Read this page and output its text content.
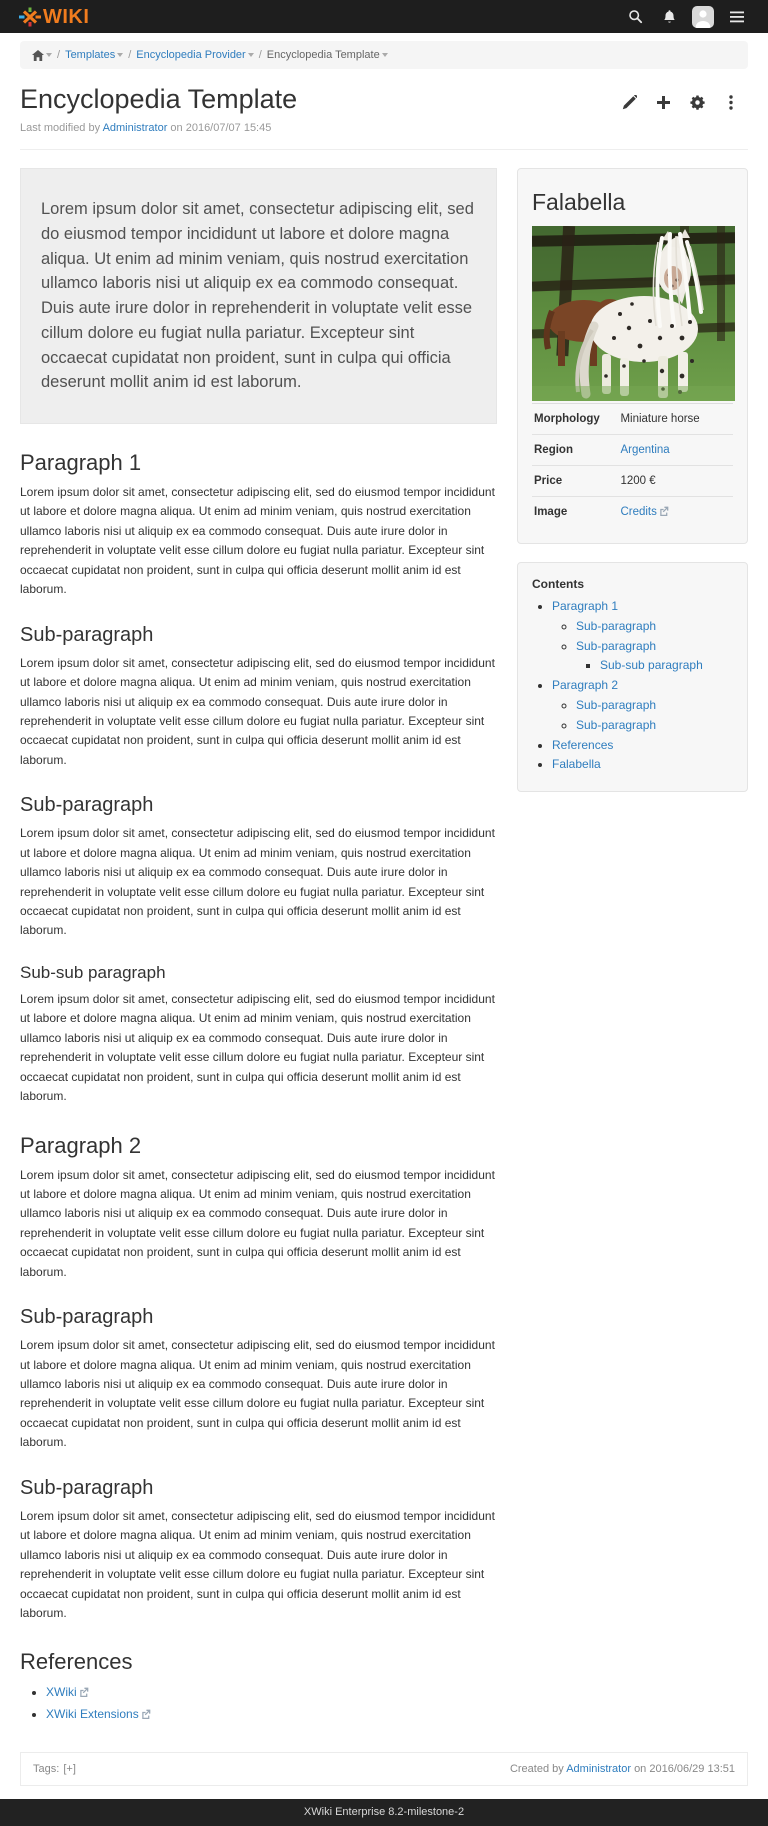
WIKI
/ Templates	/ Encyclopedia Provider	/ Encyclopedia Template
Encyclopedia Template
Last modified by Administrator on 2016/07/07 15:45
Lorem ipsum dolor sit amet, consectetur adipiscing elit, sed do eiusmod tempor incididunt ut labore et dolore magna aliqua. Ut enim ad minim veniam, quis nostrud exercitation ullamco laboris nisi ut aliquip ex ea commodo consequat. Duis aute irure dolor in reprehenderit in voluptate velit esse cillum dolore eu fugiat nulla pariatur. Excepteur sint occaecat cupidatat non proident, sunt in culpa qui officia deserunt mollit anim id est laborum.
Paragraph 1

Lorem ipsum dolor sit amet, consectetur adipiscing elit, sed do eiusmod tempor incididunt ut labore et dolore magna aliqua. Ut enim ad minim veniam, quis nostrud exercitation ullamco laboris nisi ut aliquip ex ea commodo consequat. Duis aute irure dolor in reprehenderit in voluptate velit esse cillum dolore eu fugiat nulla pariatur. Excepteur sint occaecat cupidatat non proident, sunt in culpa qui officia deserunt mollit anim id est laborum.

Sub-paragraph

Lorem ipsum dolor sit amet, consectetur adipiscing elit, sed do eiusmod tempor incididunt ut labore et dolore magna aliqua. Ut enim ad minim veniam, quis nostrud exercitation ullamco laboris nisi ut aliquip ex ea commodo consequat. Duis aute irure dolor in reprehenderit in voluptate velit esse cillum dolore eu fugiat nulla pariatur. Excepteur sint occaecat cupidatat non proident, sunt in culpa qui officia deserunt mollit anim id est laborum.

Sub-paragraph

Lorem ipsum dolor sit amet, consectetur adipiscing elit, sed do eiusmod tempor incididunt ut labore et dolore magna aliqua. Ut enim ad minim veniam, quis nostrud exercitation ullamco laboris nisi ut aliquip ex ea commodo consequat. Duis aute irure dolor in reprehenderit in voluptate velit esse cillum dolore eu fugiat nulla pariatur. Excepteur sint occaecat cupidatat non proident, sunt in culpa qui officia deserunt mollit anim id est laborum.

Sub-sub paragraph

Lorem ipsum dolor sit amet, consectetur adipiscing elit, sed do eiusmod tempor incididunt ut labore et dolore magna aliqua. Ut enim ad minim veniam, quis nostrud exercitation ullamco laboris nisi ut aliquip ex ea commodo consequat. Duis aute irure dolor in reprehenderit in voluptate velit esse cillum dolore eu fugiat nulla pariatur. Excepteur sint occaecat cupidatat non proident, sunt in culpa qui officia deserunt mollit anim id est laborum.

Paragraph 2

Lorem ipsum dolor sit amet, consectetur adipiscing elit, sed do eiusmod tempor incididunt ut labore et dolore magna aliqua. Ut enim ad minim veniam, quis nostrud exercitation ullamco laboris nisi ut aliquip ex ea commodo consequat. Duis aute irure dolor in reprehenderit in voluptate velit esse cillum dolore eu fugiat nulla pariatur. Excepteur sint occaecat cupidatat non proident, sunt in culpa qui officia deserunt mollit anim id est laborum.

Sub-paragraph

Lorem ipsum dolor sit amet, consectetur adipiscing elit, sed do eiusmod tempor incididunt ut labore et dolore magna aliqua. Ut enim ad minim veniam, quis nostrud exercitation ullamco laboris nisi ut aliquip ex ea commodo consequat. Duis aute irure dolor in reprehenderit in voluptate velit esse cillum dolore eu fugiat nulla pariatur. Excepteur sint occaecat cupidatat non proident, sunt in culpa qui officia deserunt mollit anim id est laborum.

Sub-paragraph

Lorem ipsum dolor sit amet, consectetur adipiscing elit, sed do eiusmod tempor incididunt ut labore et dolore magna aliqua. Ut enim ad minim veniam, quis nostrud exercitation ullamco laboris nisi ut aliquip ex ea commodo consequat. Duis aute irure dolor in reprehenderit in voluptate velit esse cillum dolore eu fugiat nulla pariatur. Excepteur sint occaecat cupidatat non proident, sunt in culpa qui officia deserunt mollit anim id est laborum.

References
• XWiki
• XWiki Extensions
Falabella
Morphology	Miniature horse
Region	Argentina
Price	1200 €
Image	Credits
Contents
• Paragraph 1
◦ Sub-paragraph
◦ Sub-paragraph
▪ Sub-sub paragraph
• Paragraph 2
◦ Sub-paragraph
◦ Sub-paragraph
• References
• Falabella
Tags: [+]	Created by Administrator on 2016/06/29 13:51
XWiki Enterprise 8.2-milestone-2
